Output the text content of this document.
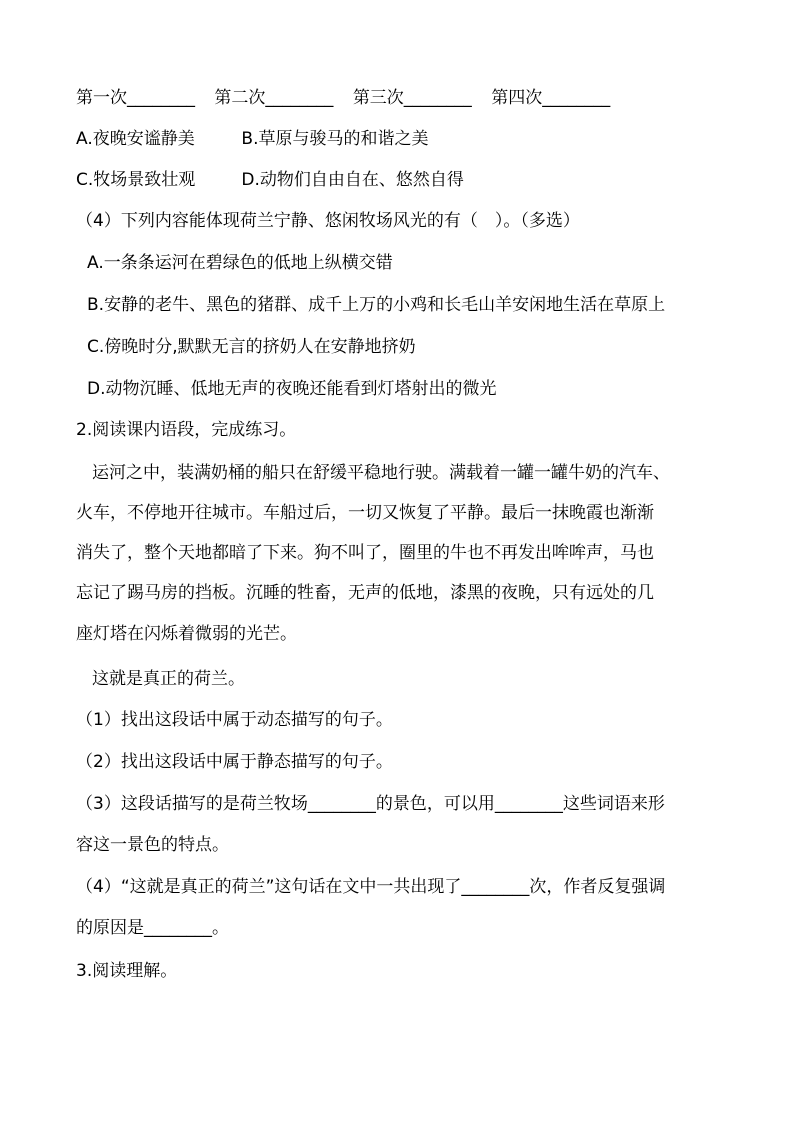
第一次________ 第二次________ 第三次________ 第四次________
A.夜晚安谧静美	B.草原与骏马的和谐之美
C.牧场景致壮观	D.动物们自由自在、悠然自得
（4）下列内容能体现荷兰宁静、悠闲牧场风光的有（　）。（多选）
A.一条条运河在碧绿色的低地上纵横交错
B.安静的老牛、黑色的猪群、成千上万的小鸡和长毛山羊安闲地生活在草原上
C.傍晚时分,默默无言的挤奶人在安静地挤奶
D.动物沉睡、低地无声的夜晚还能看到灯塔射出的微光
2.阅读课内语段，完成练习。
运河之中，装满奶桶的船只在舒缓平稳地行驶。满载着一罐一罐牛奶的汽车、
火车，不停地开往城市。车船过后，一切又恢复了平静。最后一抹晚霞也渐渐
消失了，整个天地都暗了下来。狗不叫了，圈里的牛也不再发出哞哞声，马也
忘记了踢马房的挡板。沉睡的牲畜，无声的低地，漆黑的夜晚，只有远处的几
座灯塔在闪烁着微弱的光芒。
这就是真正的荷兰。
（1）找出这段话中属于动态描写的句子。
（2）找出这段话中属于静态描写的句子。
（3）这段话描写的是荷兰牧场________的景色，可以用________这些词语来形
容这一景色的特点。
（4）“这就是真正的荷兰”这句话在文中一共出现了________次，作者反复强调
的原因是________。
3.阅读理解。
